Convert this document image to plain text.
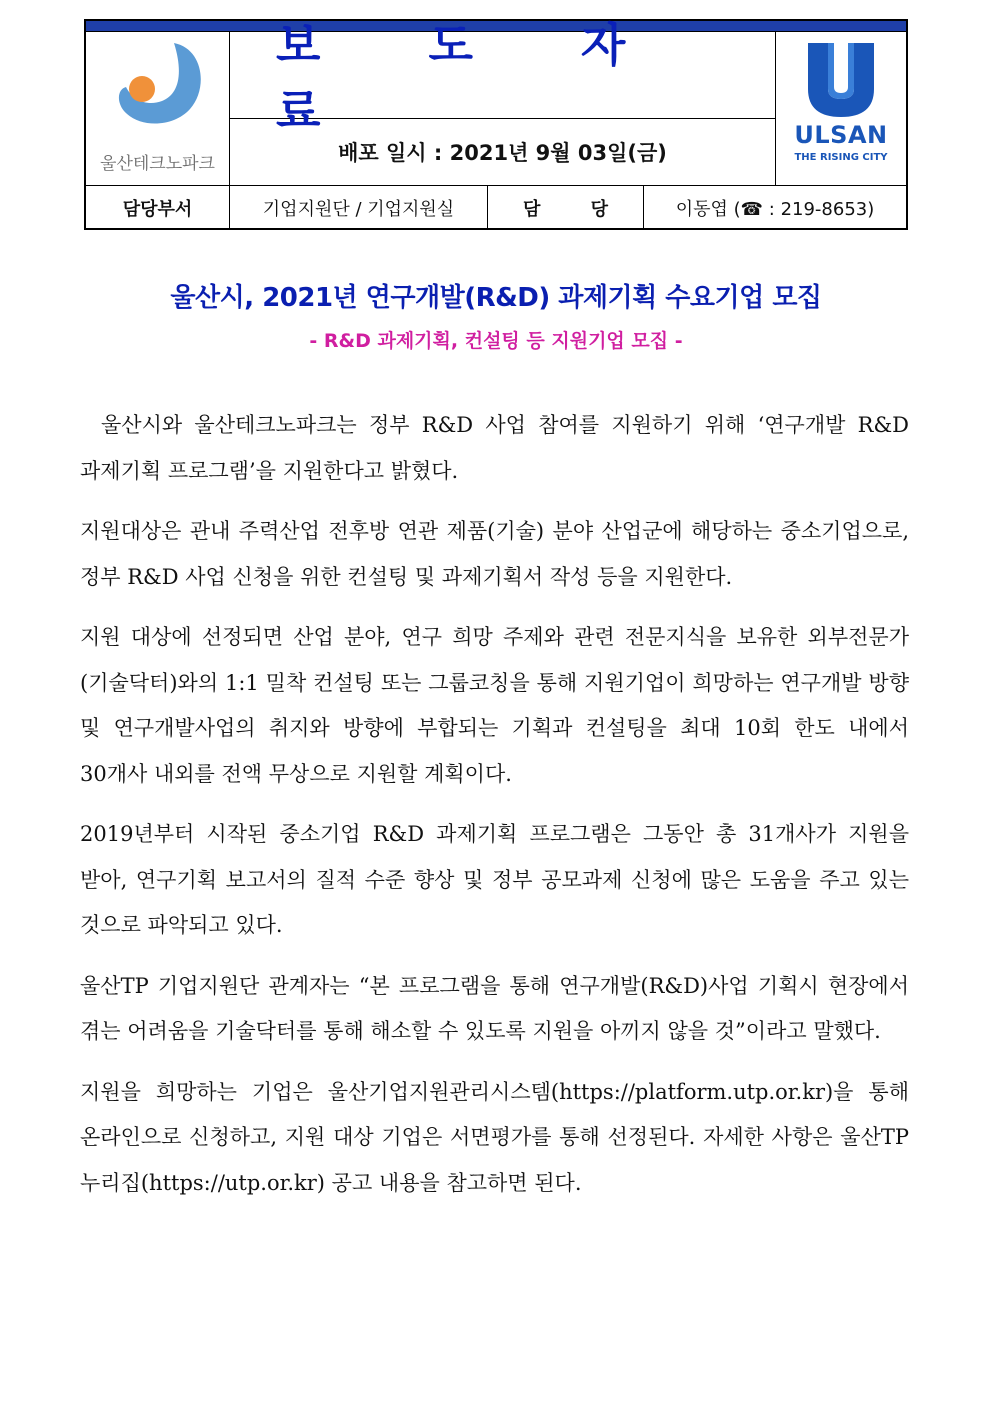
울산테크노파크
보 도 자 료
배포 일시 : 2021년 9월 03일(금)
ULSAN
THE RISING CITY
담당부서	기업지원단 / 기업지원실	담 당	이동엽 (☎ : 219-8653)
울산시, 2021년 연구개발(R&D) 과제기획 수요기업 모집
- R&D 과제기획, 컨설팅 등 지원기업 모집 -

울산시와 울산테크노파크는 정부 R&D 사업 참여를 지원하기 위해 ‘연구개발 R&D 과제기획 프로그램’을 지원한다고 밝혔다.

지원대상은 관내 주력산업 전후방 연관 제품(기술) 분야 산업군에 해당하는 중소기업으로, 정부 R&D 사업 신청을 위한 컨설팅 및 과제기획서 작성 등을 지원한다.

지원 대상에 선정되면 산업 분야, 연구 희망 주제와 관련 전문지식을 보유한 외부전문가(기술닥터)와의 1:1 밀착 컨설팅 또는 그룹코칭을 통해 지원기업이 희망하는 연구개발 방향 및 연구개발사업의 취지와 방향에 부합되는 기획과 컨설팅을 최대 10회 한도 내에서 30개사 내외를 전액 무상으로 지원할 계획이다.

2019년부터 시작된 중소기업 R&D 과제기획 프로그램은 그동안 총 31개사가 지원을 받아, 연구기획 보고서의 질적 수준 향상 및 정부 공모과제 신청에 많은 도움을 주고 있는 것으로 파악되고 있다.

울산TP 기업지원단 관계자는 “본 프로그램을 통해 연구개발(R&D)사업 기획시 현장에서 겪는 어려움을 기술닥터를 통해 해소할 수 있도록 지원을 아끼지 않을 것”이라고 말했다.

지원을 희망하는 기업은 울산기업지원관리시스템(https://platform.utp.or.kr)을 통해 온라인으로 신청하고, 지원 대상 기업은 서면평가를 통해 선정된다. 자세한 사항은 울산TP 누리집(https://utp.or.kr) 공고 내용을 참고하면 된다.
